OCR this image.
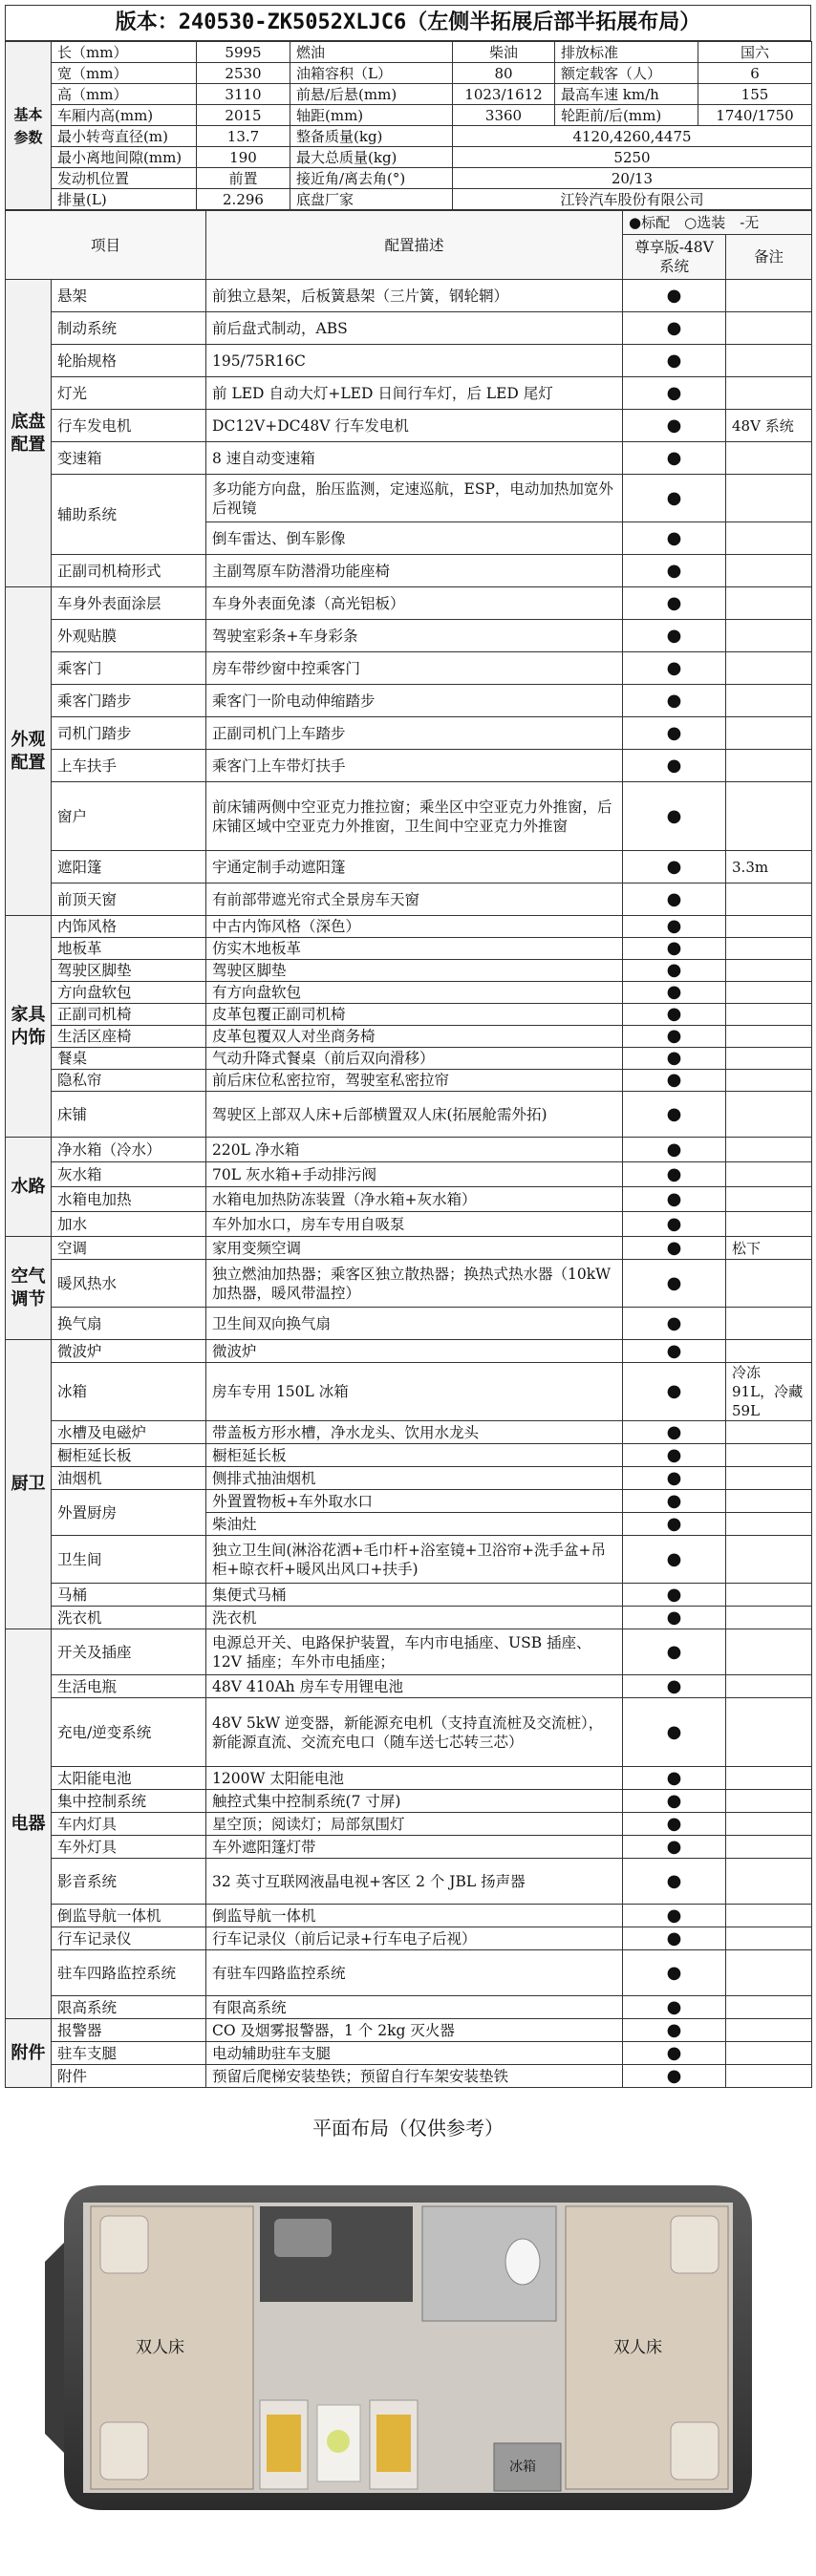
版本：240530-ZK5052XLJC6（左侧半拓展后部半拓展布局）
基本参数	长（mm）	5995	燃油	柴油	排放标准	国六
	宽（mm）	2530	油箱容积（L）	80	额定载客（人）	6
	高（mm）	3110	前悬/后悬(mm)	1023/1612	最高车速 km/h	155
	车厢内高(mm)	2015	轴距(mm)	3360	轮距前/后(mm)	1740/1750
	最小转弯直径(m)	13.7	整备质量(kg)	4120,4260,4475		
	最小离地间隙(mm)	190	最大总质量(kg)	5250		
	发动机位置	前置	接近角/离去角(°)	20/13		
	排量(L)	2.296	底盘厂家	江铃汽车股份有限公司		
项目		配置描述	●标配　○选装　-无	
			尊享版-48V 系统	备注
底盘配置	悬架	前独立悬架，后板簧悬架（三片簧，钢轮辋）	●	
	制动系统	前后盘式制动，ABS	●	
	轮胎规格	195/75R16C	●	
	灯光	前 LED 自动大灯+LED 日间行车灯，后 LED 尾灯	●	
	行车发电机	DC12V+DC48V 行车发电机	●	48V 系统
	变速箱	8 速自动变速箱	●	
	辅助系统	多功能方向盘，胎压监测，定速巡航，ESP，电动加热加宽外后视镜	●	
		倒车雷达、倒车影像	●	
	正副司机椅形式	主副驾原车防潜滑功能座椅	●	
外观配置	车身外表面涂层	车身外表面免漆（高光铝板）	●	
	外观贴膜	驾驶室彩条+车身彩条	●	
	乘客门	房车带纱窗中控乘客门	●	
	乘客门踏步	乘客门一阶电动伸缩踏步	●	
	司机门踏步	正副司机门上车踏步	●	
	上车扶手	乘客门上车带灯扶手	●	
	窗户	前床铺两侧中空亚克力推拉窗；乘坐区中空亚克力外推窗，后床铺区域中空亚克力外推窗，卫生间中空亚克力外推窗	●	
	遮阳篷	宇通定制手动遮阳篷	●	3.3m
	前顶天窗	有前部带遮光帘式全景房车天窗	●	
家具内饰	内饰风格	中古内饰风格（深色）	●	
	地板革	仿实木地板革	●	
	驾驶区脚垫	驾驶区脚垫	●	
	方向盘软包	有方向盘软包	●	
	正副司机椅	皮革包覆正副司机椅	●	
	生活区座椅	皮革包覆双人对坐商务椅	●	
	餐桌	气动升降式餐桌（前后双向滑移）	●	
	隐私帘	前后床位私密拉帘，驾驶室私密拉帘	●	
	床铺	驾驶区上部双人床+后部横置双人床(拓展舱需外拓)	●	
水路	净水箱（冷水）	220L 净水箱	●	
	灰水箱	70L 灰水箱+手动排污阀	●	
	水箱电加热	水箱电加热防冻装置（净水箱+灰水箱）	●	
	加水	车外加水口，房车专用自吸泵	●	
空气调节	空调	家用变频空调	●	松下
	暖风热水	独立燃油加热器；乘客区独立散热器；换热式热水器（10kW 加热器，暖风带温控）	●	
	换气扇	卫生间双向换气扇	●	
厨卫	微波炉	微波炉	●	
	冰箱	房车专用 150L 冰箱	●	冷冻 91L，冷藏 59L
	水槽及电磁炉	带盖板方形水槽，净水龙头、饮用水龙头	●	
	橱柜延长板	橱柜延长板	●	
	油烟机	侧排式抽油烟机	●	
	外置厨房	外置置物板+车外取水口	●	
		柴油灶	●	
	卫生间	独立卫生间(淋浴花洒+毛巾杆+浴室镜+卫浴帘+洗手盆+吊柜+晾衣杆+暖风出风口+扶手)	●	
	马桶	集便式马桶	●	
	洗衣机	洗衣机	●	
电器	开关及插座	电源总开关、电路保护装置，车内市电插座、USB 插座、12V 插座；车外市电插座；	●	
	生活电瓶	48V 410Ah 房车专用锂电池	●	
	充电/逆变系统	48V 5kW 逆变器，新能源充电机（支持直流桩及交流桩），新能源直流、交流充电口（随车送七芯转三芯）	●	
	太阳能电池	1200W 太阳能电池	●	
	集中控制系统	触控式集中控制系统(7 寸屏)	●	
	车内灯具	星空顶；阅读灯；局部氛围灯	●	
	车外灯具	车外遮阳篷灯带	●	
	影音系统	32 英寸互联网液晶电视+客区 2 个 JBL 扬声器	●	
	倒监导航一体机	倒监导航一体机	●	
	行车记录仪	行车记录仪（前后记录+行车电子后视）	●	
	驻车四路监控系统	有驻车四路监控系统	●	
	限高系统	有限高系统	●	
附件	报警器	CO 及烟雾报警器，1 个 2kg 灭火器	●	
	驻车支腿	电动辅助驻车支腿	●	
	附件	预留后爬梯安装垫铁；预留自行车架安装垫铁	●	
平面布局（仅供参考）
双人床	双人床
冰箱
